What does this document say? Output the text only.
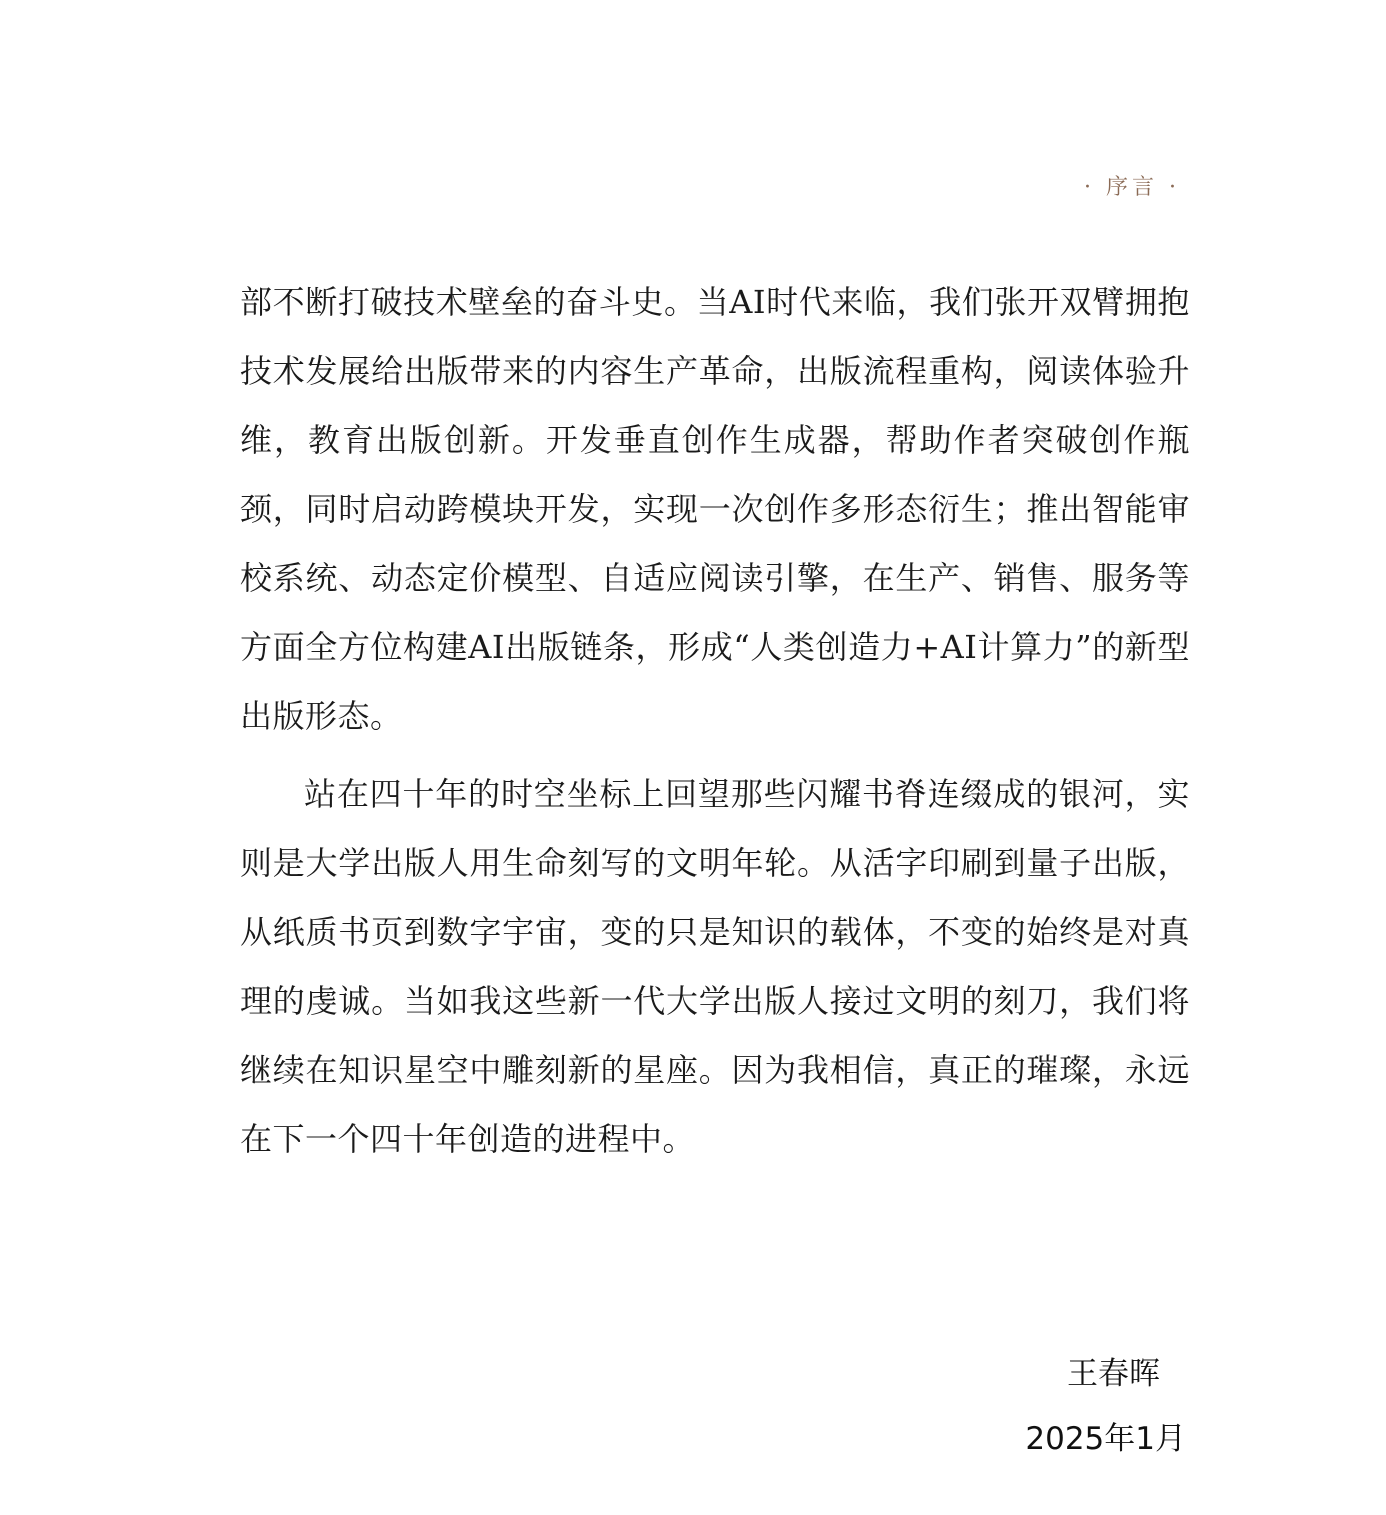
· 序言 ·

部不断打破技术壁垒的奋斗史。当AI时代来临，我们张开双臂拥抱技术发展给出版带来的内容生产革命，出版流程重构，阅读体验升维，教育出版创新。开发垂直创作生成器，帮助作者突破创作瓶颈，同时启动跨模块开发，实现一次创作多形态衍生；推出智能审校系统、动态定价模型、自适应阅读引擎，在生产、销售、服务等方面全方位构建AI出版链条，形成“人类创造力+AI计算力”的新型出版形态。

站在四十年的时空坐标上回望那些闪耀书脊连缀成的银河，实则是大学出版人用生命刻写的文明年轮。从活字印刷到量子出版，从纸质书页到数字宇宙，变的只是知识的载体，不变的始终是对真理的虔诚。当如我这些新一代大学出版人接过文明的刻刀，我们将继续在知识星空中雕刻新的星座。因为我相信，真正的璀璨，永远在下一个四十年创造的进程中。

王春晖
2025年1月
